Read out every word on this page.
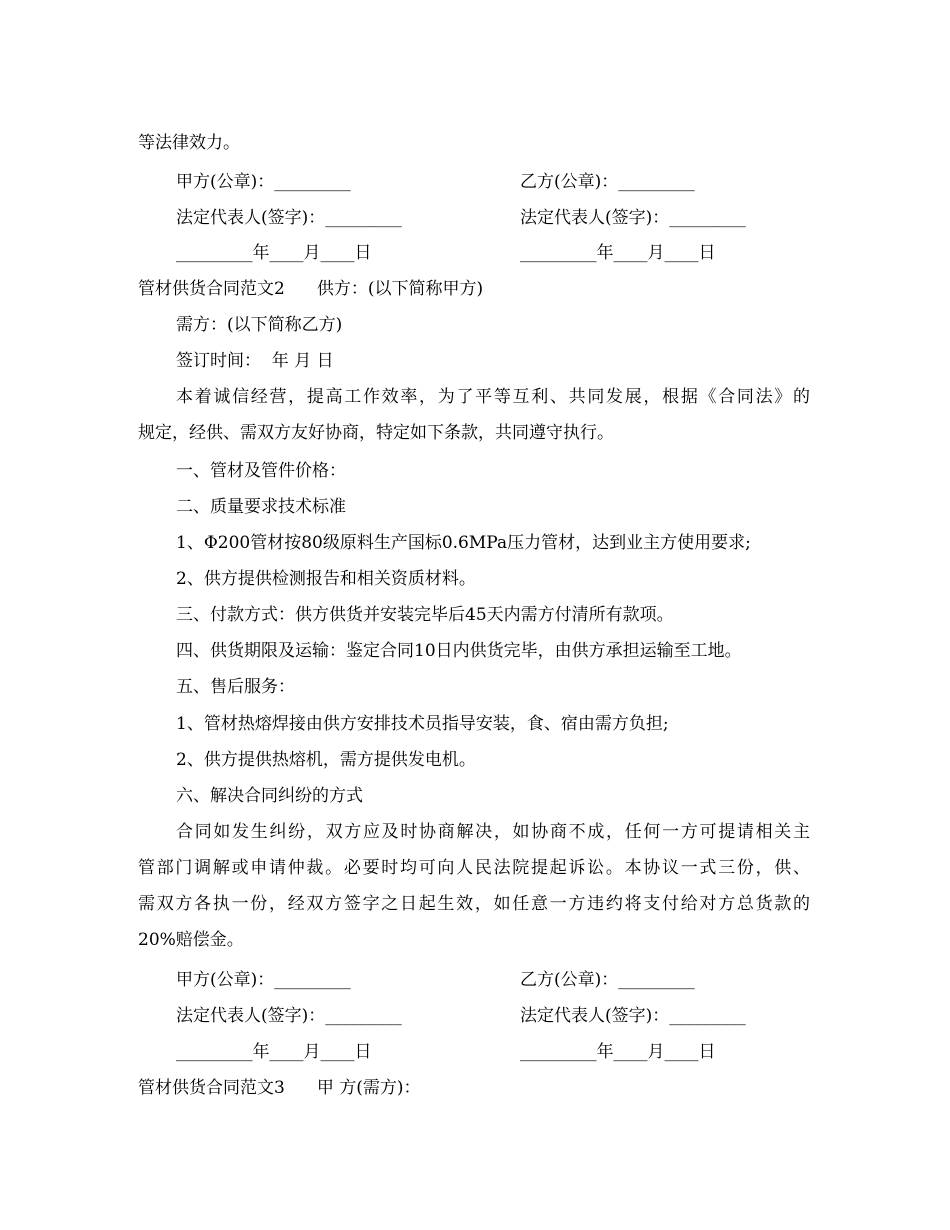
等法律效力。
甲方(公章)：_________	乙方(公章)：_________
法定代表人(签字)：_________	法定代表人(签字)：_________
_________年____月____日	_________年____月____日
管材供货合同范文2 供方：(以下简称甲方)
需方：(以下简称乙方)
签订时间：  年 月 日
本着诚信经营，提高工作效率，为了平等互利、共同发展，根据《合同法》的
规定，经供、需双方友好协商，特定如下条款，共同遵守执行。
一、管材及管件价格：
二、质量要求技术标准
1、Φ200管材按80级原料生产国标0.6MPa压力管材，达到业主方使用要求;
2、供方提供检测报告和相关资质材料。
三、付款方式：供方供货并安装完毕后45天内需方付清所有款项。
四、供货期限及运输：鉴定合同10日内供货完毕，由供方承担运输至工地。
五、售后服务：
1、管材热熔焊接由供方安排技术员指导安装，食、宿由需方负担;
2、供方提供热熔机，需方提供发电机。
六、解决合同纠纷的方式
合同如发生纠纷，双方应及时协商解决，如协商不成，任何一方可提请相关主
管部门调解或申请仲裁。必要时均可向人民法院提起诉讼。本协议一式三份，供、
需双方各执一份，经双方签字之日起生效，如任意一方违约将支付给对方总货款的
20%赔偿金。
甲方(公章)：_________	乙方(公章)：_________
法定代表人(签字)：_________	法定代表人(签字)：_________
_________年____月____日	_________年____月____日
管材供货合同范文3 甲 方(需方)：
